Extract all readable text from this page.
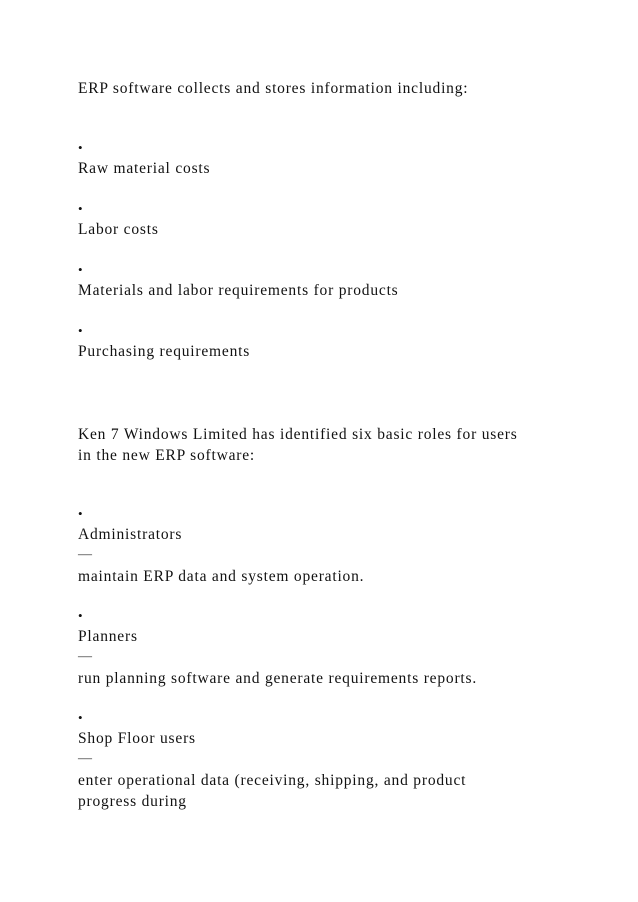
ERP software collects and stores information including:
•
Raw material costs
•
Labor costs
•
Materials and labor requirements for products
•
Purchasing requirements
Ken 7 Windows Limited has identified six basic roles for users
in the new ERP software:
•
Administrators
—
maintain ERP data and system operation.
•
Planners
—
run planning software and generate requirements reports.
•
Shop Floor users
—
enter operational data (receiving, shipping, and product
progress during
